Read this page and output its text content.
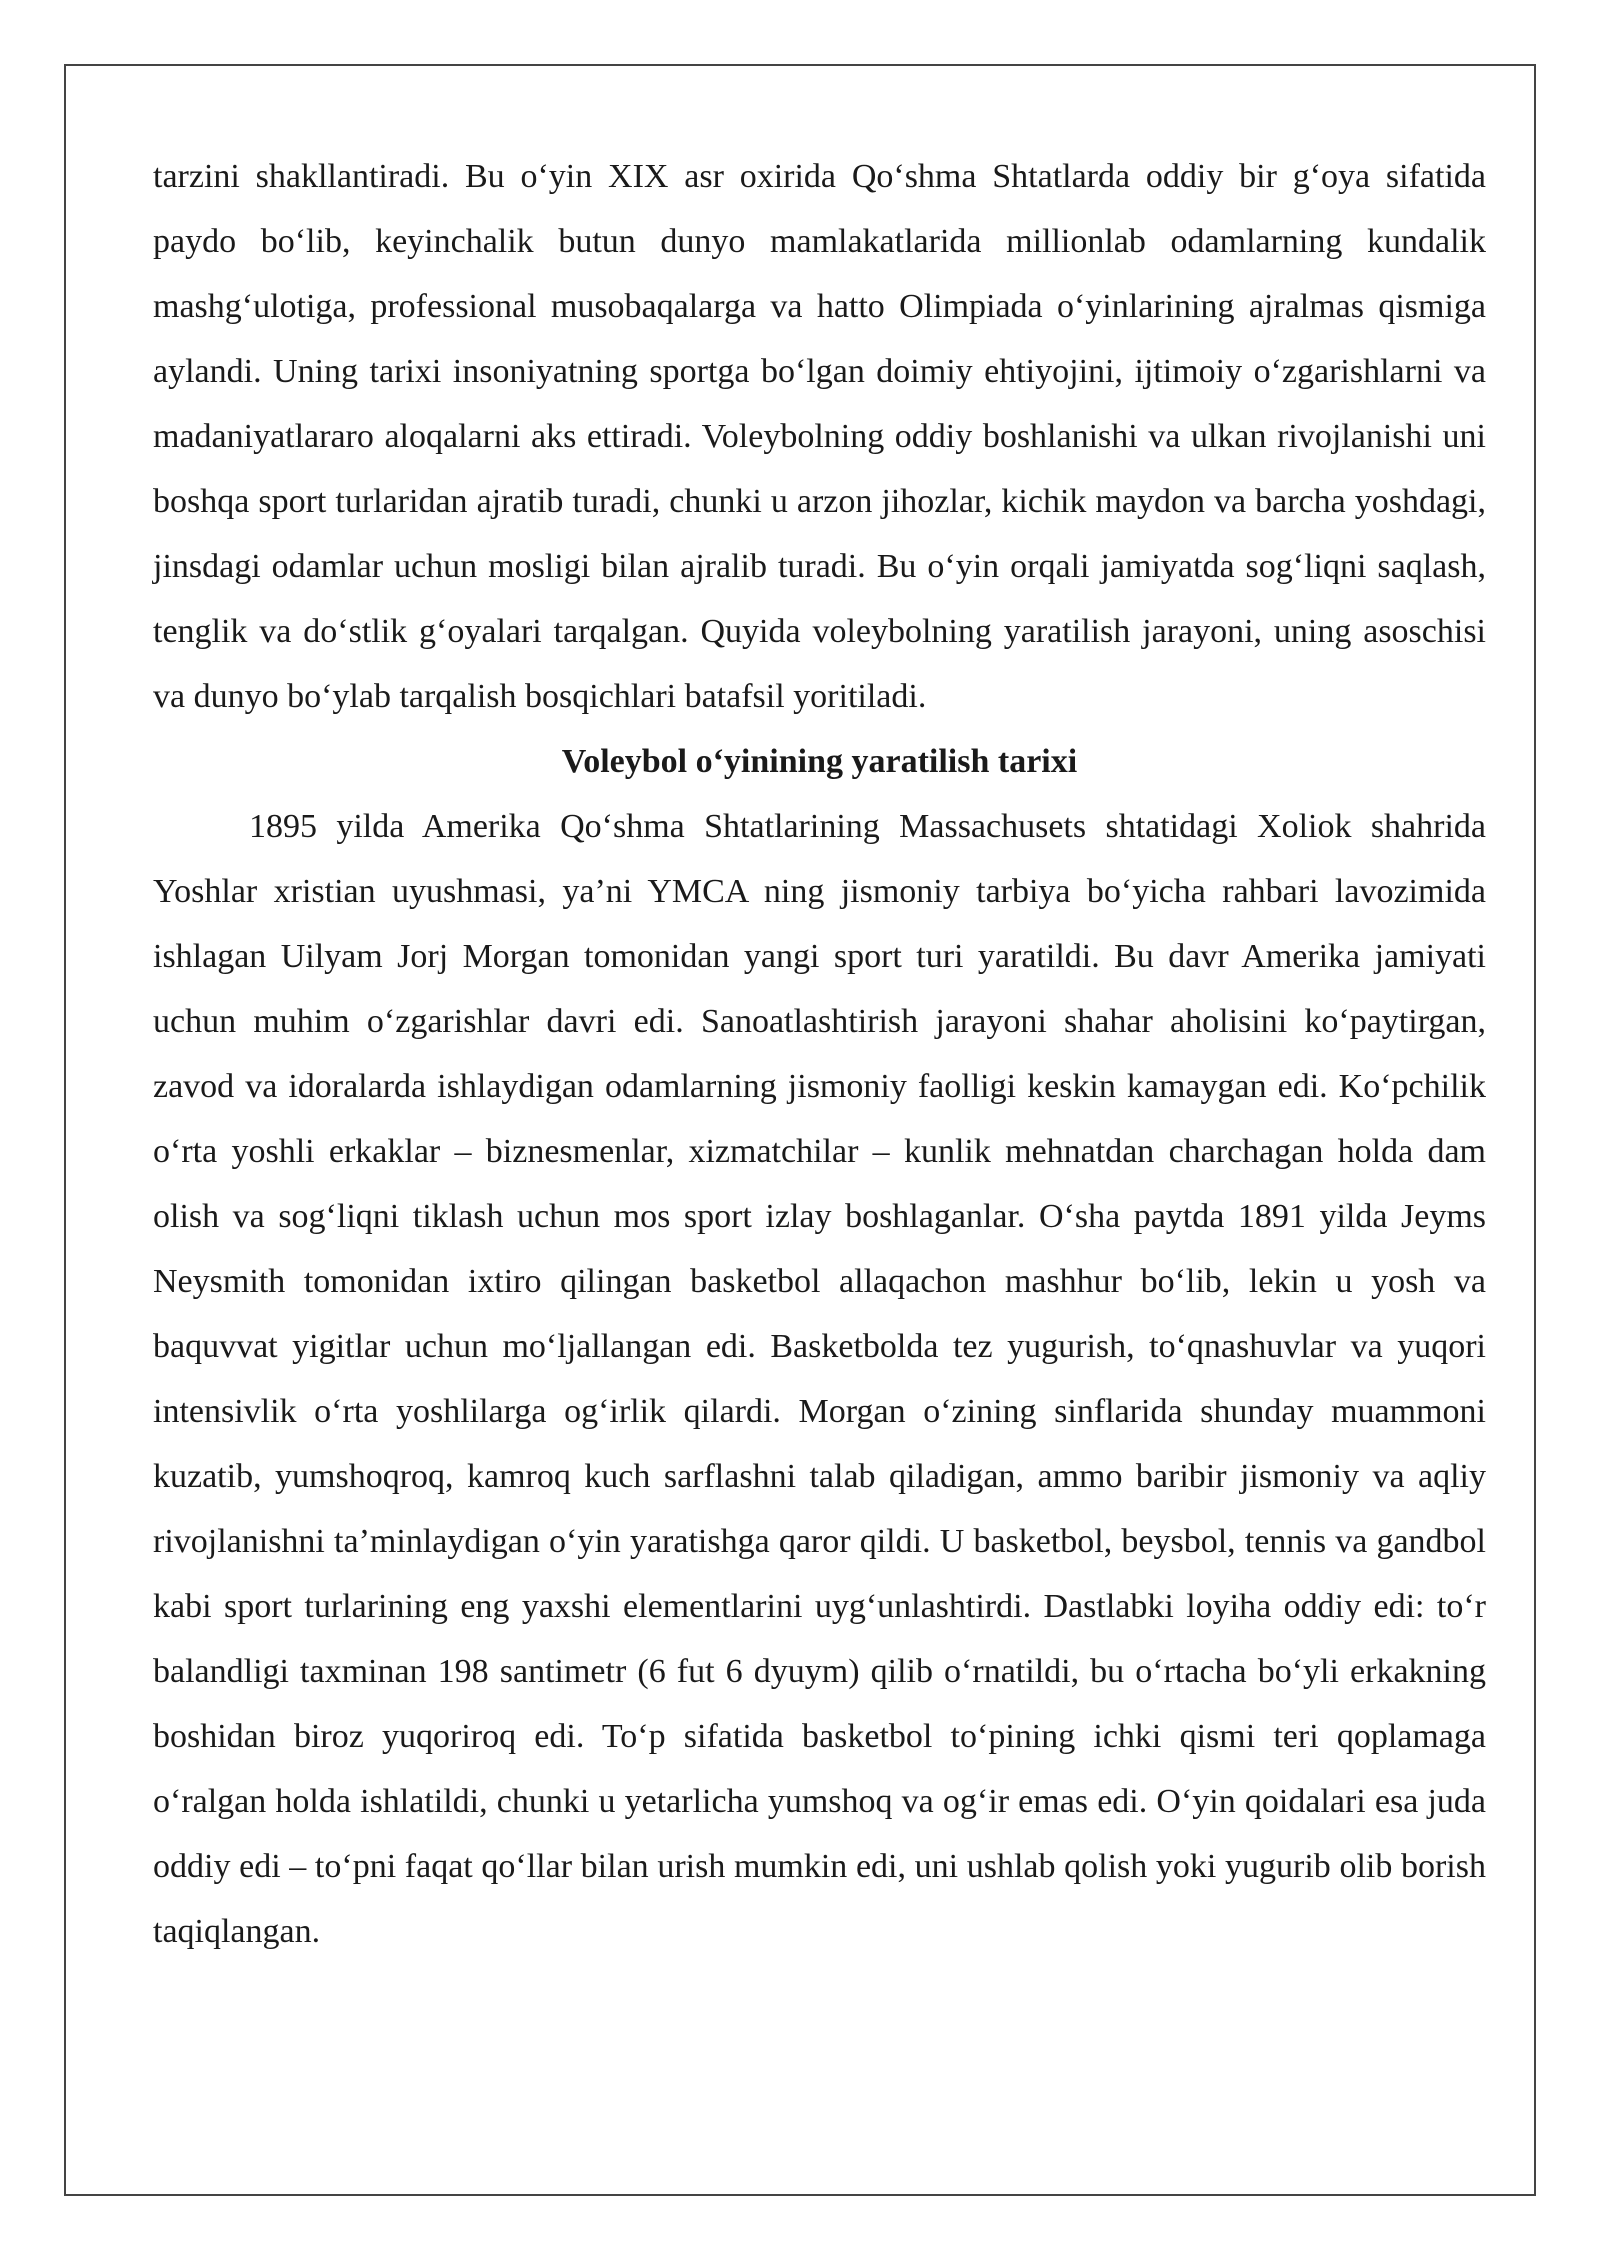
tarzini shakllantiradi. Bu o‘yin XIX asr oxirida Qo‘shma Shtatlarda oddiy bir g‘oya sifatida paydo bo‘lib, keyinchalik butun dunyo mamlakatlarida millionlab odamlarning kundalik mashg‘ulotiga, professional musobaqalarga va hatto Olimpiada o‘yinlarining ajralmas qismiga aylandi. Uning tarixi insoniyatning sportga bo‘lgan doimiy ehtiyojini, ijtimoiy o‘zgarishlarni va madaniyatlararo aloqalarni aks ettiradi. Voleybolning oddiy boshlanishi va ulkan rivojlanishi uni boshqa sport turlaridan ajratib turadi, chunki u arzon jihozlar, kichik maydon va barcha yoshdagi, jinsdagi odamlar uchun mosligi bilan ajralib turadi. Bu o‘yin orqali jamiyatda sog‘liqni saqlash, tenglik va do‘stlik g‘oyalari tarqalgan. Quyida voleybolning yaratilish jarayoni, uning asoschisi va dunyo bo‘ylab tarqalish bosqichlari batafsil yoritiladi.

Voleybol o‘yinining yaratilish tarixi

1895 yilda Amerika Qo‘shma Shtatlarining Massachusets shtatidagi Xoliok shahrida Yoshlar xristian uyushmasi, ya’ni YMCA ning jismoniy tarbiya bo‘yicha rahbari lavozimida ishlagan Uilyam Jorj Morgan tomonidan yangi sport turi yaratildi. Bu davr Amerika jamiyati uchun muhim o‘zgarishlar davri edi. Sanoatlashtirish jarayoni shahar aholisini ko‘paytirgan, zavod va idoralarda ishlaydigan odamlarning jismoniy faolligi keskin kamaygan edi. Ko‘pchilik o‘rta yoshli erkaklar – biznesmenlar, xizmatchilar – kunlik mehnatdan charchagan holda dam olish va sog‘liqni tiklash uchun mos sport izlay boshlaganlar. O‘sha paytda 1891 yilda Jeyms Neysmith tomonidan ixtiro qilingan basketbol allaqachon mashhur bo‘lib, lekin u yosh va baquvvat yigitlar uchun mo‘ljallangan edi. Basketbolda tez yugurish, to‘qnashuvlar va yuqori intensivlik o‘rta yoshlilarga og‘irlik qilardi. Morgan o‘zining sinflarida shunday muammoni kuzatib, yumshoqroq, kamroq kuch sarflashni talab qiladigan, ammo baribir jismoniy va aqliy rivojlanishni ta’minlaydigan o‘yin yaratishga qaror qildi. U basketbol, beysbol, tennis va gandbol kabi sport turlarining eng yaxshi elementlarini uyg‘unlashtirdi. Dastlabki loyiha oddiy edi: to‘r balandligi taxminan 198 santimetr (6 fut 6 dyuym) qilib o‘rnatildi, bu o‘rtacha bo‘yli erkakning boshidan biroz yuqoriroq edi. To‘p sifatida basketbol to‘pining ichki qismi teri qoplamaga o‘ralgan holda ishlatildi, chunki u yetarlicha yumshoq va og‘ir emas edi. O‘yin qoidalari esa juda oddiy edi – to‘pni faqat qo‘llar bilan urish mumkin edi, uni ushlab qolish yoki yugurib olib borish taqiqlangan.
